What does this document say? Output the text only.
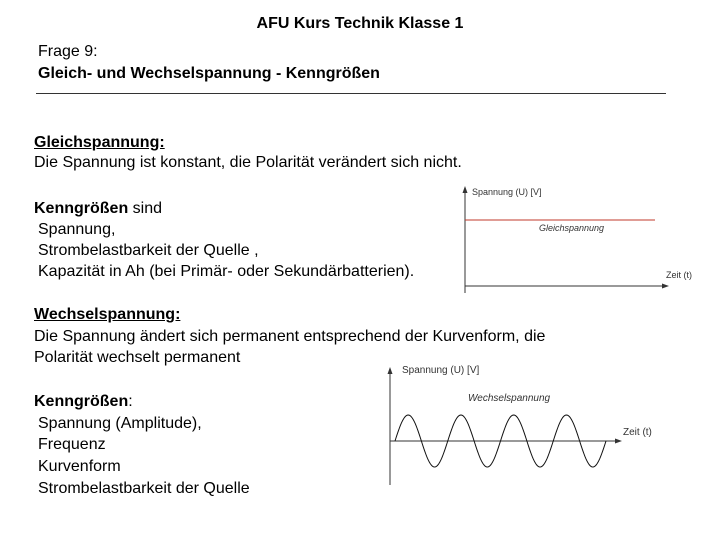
AFU Kurs Technik Klasse 1
Frage 9:
Gleich- und Wechselspannung - Kenngrößen
Gleichspannung:
Die Spannung ist konstant, die Polarität verändert sich nicht.
Kenngrößen sind
Spannung,
Strombelastbarkeit der Quelle ,
Kapazität in Ah (bei Primär- oder Sekundärbatterien).
Spannung (U) [V]
Zeit (t)
Gleichspannung
Wechselspannung:
Die Spannung ändert sich permanent entsprechend der Kurvenform, die
Polarität wechselt permanent
Kenngrößen:
Spannung (Amplitude),
Frequenz
Kurvenform
Strombelastbarkeit der Quelle
Spannung (U) [V]
Zeit (t)
Wechselspannung
